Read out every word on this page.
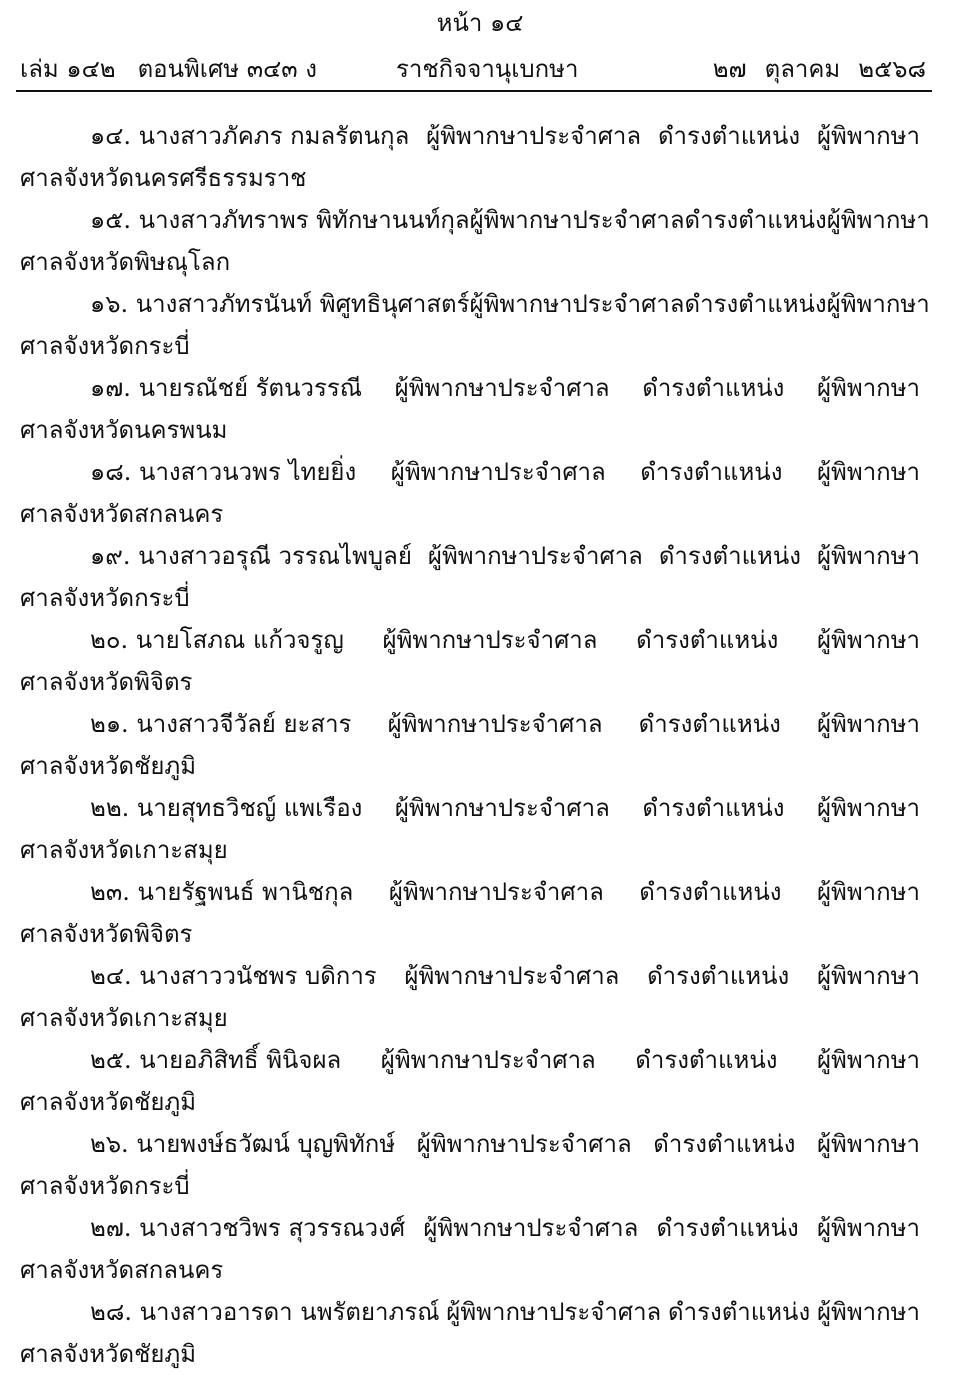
หน้า ๑๔
เล่ม ๑๔๒ ตอนพิเศษ ๓๔๓ ง	ราชกิจจานุเบกษา	๒๗ ตุลาคม ๒๕๖๘
๑๔. นางสาวภัคภร กมลรัตนกุล ผู้พิพากษาประจำศาล ดำรงตำแหน่ง ผู้พิพากษา
ศาลจังหวัดนครศรีธรรมราช
๑๕. นางสาวภัทราพร พิทักษานนท์กุล ผู้พิพากษาประจำศาล ดำรงตำแหน่ง ผู้พิพากษา
ศาลจังหวัดพิษณุโลก
๑๖. นางสาวภัทรนันท์ พิศูทธินุศาสตร์ ผู้พิพากษาประจำศาล ดำรงตำแหน่ง ผู้พิพากษา
ศาลจังหวัดกระบี่
๑๗. นายรณัชย์ รัตนวรรณี ผู้พิพากษาประจำศาล ดำรงตำแหน่ง ผู้พิพากษา
ศาลจังหวัดนครพนม
๑๘. นางสาวนวพร ไทยยิ่ง ผู้พิพากษาประจำศาล ดำรงตำแหน่ง ผู้พิพากษา
ศาลจังหวัดสกลนคร
๑๙. นางสาวอรุณี วรรณไพบูลย์ ผู้พิพากษาประจำศาล ดำรงตำแหน่ง ผู้พิพากษา
ศาลจังหวัดกระบี่
๒๐. นายโสภณ แก้วจรูญ ผู้พิพากษาประจำศาล ดำรงตำแหน่ง ผู้พิพากษา
ศาลจังหวัดพิจิตร
๒๑. นางสาวจีวัลย์ ยะสาร ผู้พิพากษาประจำศาล ดำรงตำแหน่ง ผู้พิพากษา
ศาลจังหวัดชัยภูมิ
๒๒. นายสุทธวิชญ์ แพเรือง ผู้พิพากษาประจำศาล ดำรงตำแหน่ง ผู้พิพากษา
ศาลจังหวัดเกาะสมุย
๒๓. นายรัฐพนธ์ พานิชกุล ผู้พิพากษาประจำศาล ดำรงตำแหน่ง ผู้พิพากษา
ศาลจังหวัดพิจิตร
๒๔. นางสาววนัชพร บดิการ ผู้พิพากษาประจำศาล ดำรงตำแหน่ง ผู้พิพากษา
ศาลจังหวัดเกาะสมุย
๒๕. นายอภิสิทธิ์ พินิจผล ผู้พิพากษาประจำศาล ดำรงตำแหน่ง ผู้พิพากษา
ศาลจังหวัดชัยภูมิ
๒๖. นายพงษ์ธวัฒน์ บุญพิทักษ์ ผู้พิพากษาประจำศาล ดำรงตำแหน่ง ผู้พิพากษา
ศาลจังหวัดกระบี่
๒๗. นางสาวชวิพร สุวรรณวงศ์ ผู้พิพากษาประจำศาล ดำรงตำแหน่ง ผู้พิพากษา
ศาลจังหวัดสกลนคร
๒๘. นางสาวอารดา นพรัตยาภรณ์ ผู้พิพากษาประจำศาล ดำรงตำแหน่ง ผู้พิพากษา
ศาลจังหวัดชัยภูมิ
